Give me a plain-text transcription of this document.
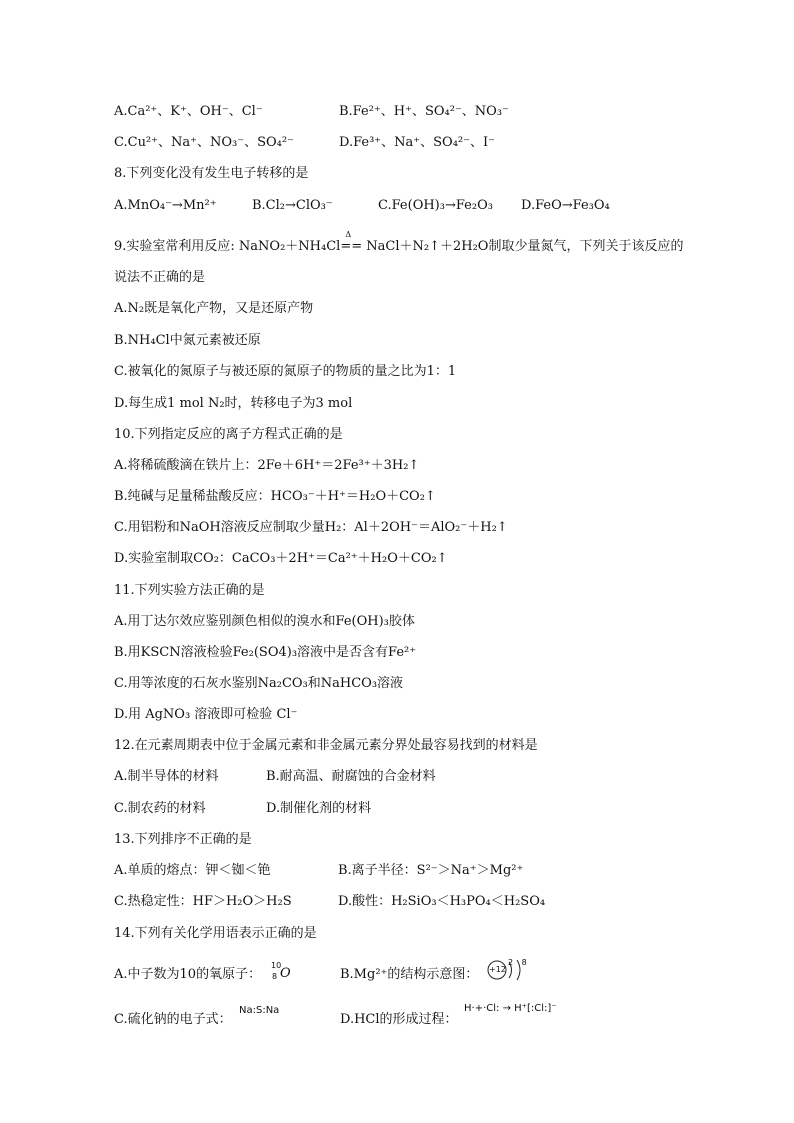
A.Ca²⁺、K⁺、OH⁻、Cl⁻	B.Fe²⁺、H⁺、SO₄²⁻、NO₃⁻
C.Cu²⁺、Na⁺、NO₃⁻、SO₄²⁻	D.Fe³⁺、Na⁺、SO₄²⁻、I⁻
8.下列变化没有发生电子转移的是
A.MnO₄⁻→Mn²⁺	B.Cl₂→ClO₃⁻	C.Fe(OH)₃→Fe₂O₃ D.FeO→Fe₃O₄
9.实验室常利用反应: NaNO₂＋NH₄Cl
Δ
== NaCl＋N₂↑＋2H₂O制取少量氮气，下列关于该反应的
说法不正确的是
A.N₂既是氧化产物，又是还原产物
B.NH₄Cl中氮元素被还原
C.被氧化的氮原子与被还原的氮原子的物质的量之比为1：1
D.每生成1 mol N₂时，转移电子为3 mol
10.下列指定反应的离子方程式正确的是
A.将稀硫酸滴在铁片上：2Fe＋6H⁺＝2Fe³⁺＋3H₂↑
B.纯碱与足量稀盐酸反应：HCO₃⁻＋H⁺＝H₂O＋CO₂↑
C.用铝粉和NaOH溶液反应制取少量H₂：Al＋2OH⁻＝AlO₂⁻＋H₂↑
D.实验室制取CO₂：CaCO₃＋2H⁺＝Ca²⁺＋H₂O＋CO₂↑
11.下列实验方法正确的是
A.用丁达尔效应鉴别颜色相似的溴水和Fe(OH)₃胶体
B.用KSCN溶液检验Fe₂(SO4)₃溶液中是否含有Fe²⁺
C.用等浓度的石灰水鉴别Na₂CO₃和NaHCO₃溶液
D.用 AgNO₃ 溶液即可检验 Cl⁻
12.在元素周期表中位于金属元素和非金属元素分界处最容易找到的材料是
A.制半导体的材料	B.耐高温、耐腐蚀的合金材料
C.制农药的材料	D.制催化剂的材料
13.下列排序不正确的是
A.单质的熔点：钾＜铷＜铯	B.离子半径：S²⁻＞Na⁺＞Mg²⁺
C.热稳定性：HF＞H₂O＞H₂S	D.酸性：H₂SiO₃＜H₃PO₄＜H₂SO₄
14.下列有关化学用语表示正确的是
A.中子数为10的氧原子：
10
8 O	B.Mg²⁺的结构示意图： +12
2 8
C.硫化钠的电子式：
Na:S:Na
D.HCl的形成过程：
H·+·Cl: → H⁺[:Cl:]⁻
